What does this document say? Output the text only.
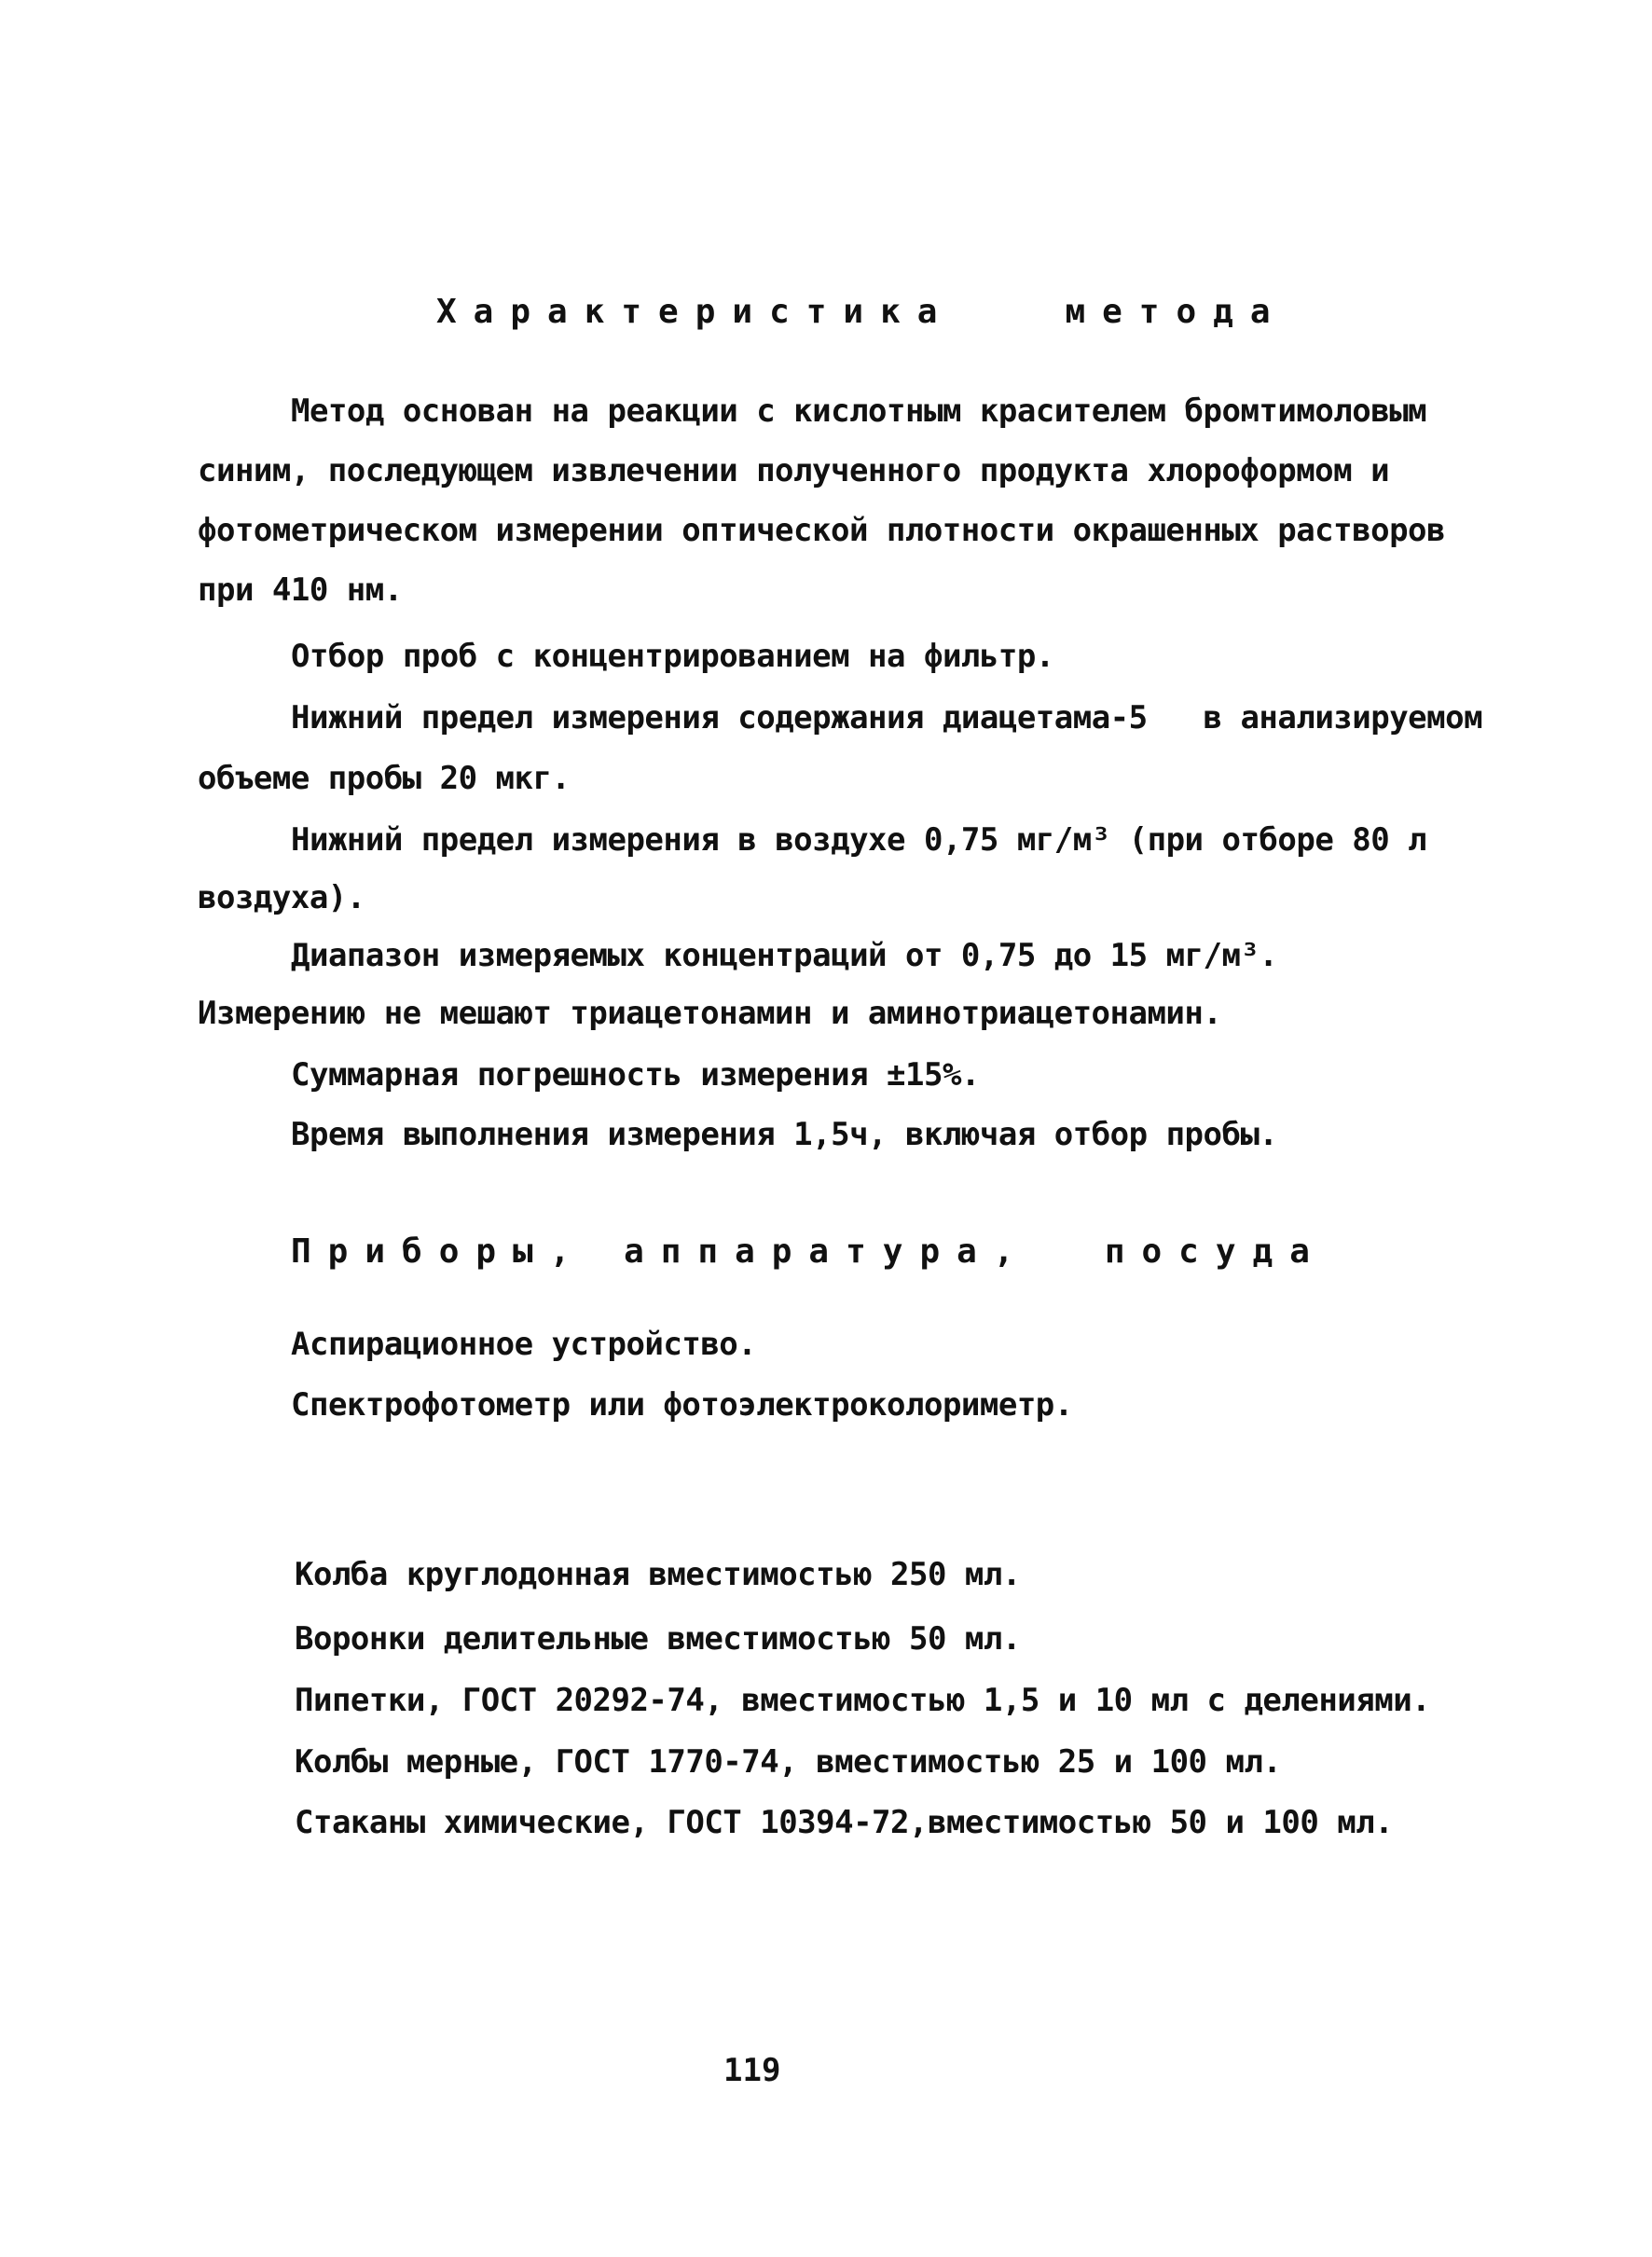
Характеристика   метода
Метод основан на реакции с кислотным красителем бромтимоловым
синим, последующем извлечении полученного продукта хлороформом и
фотометрическом измерении оптической плотности окрашенных растворов
при 410 нм.
Отбор проб с концентрированием на фильтр.
Нижний предел измерения содержания диацетама-5   в анализируемом
объеме пробы 20 мкг.
Нижний предел измерения в воздухе 0,75 мг/м³ (при отборе 80 л
воздуха).
Диапазон измеряемых концентраций от 0,75 до 15 мг/м³.
Измерению не мешают триацетонамин и аминотриацетонамин.
Суммарная погрешность измерения ±15%.
Время выполнения измерения 1,5ч, включая отбор пробы.
Приборы, аппаратура,  посуда
Аспирационное устройство.
Спектрофотометр или фотоэлектроколориметр.
Колба круглодонная вместимостью 250 мл.
Воронки делительные вместимостью 50 мл.
Пипетки, ГОСТ 20292-74, вместимостью 1,5 и 10 мл с делениями.
Колбы мерные, ГОСТ 1770-74, вместимостью 25 и 100 мл.
Стаканы химические, ГОСТ 10394-72,вместимостью 50 и 100 мл.
119
